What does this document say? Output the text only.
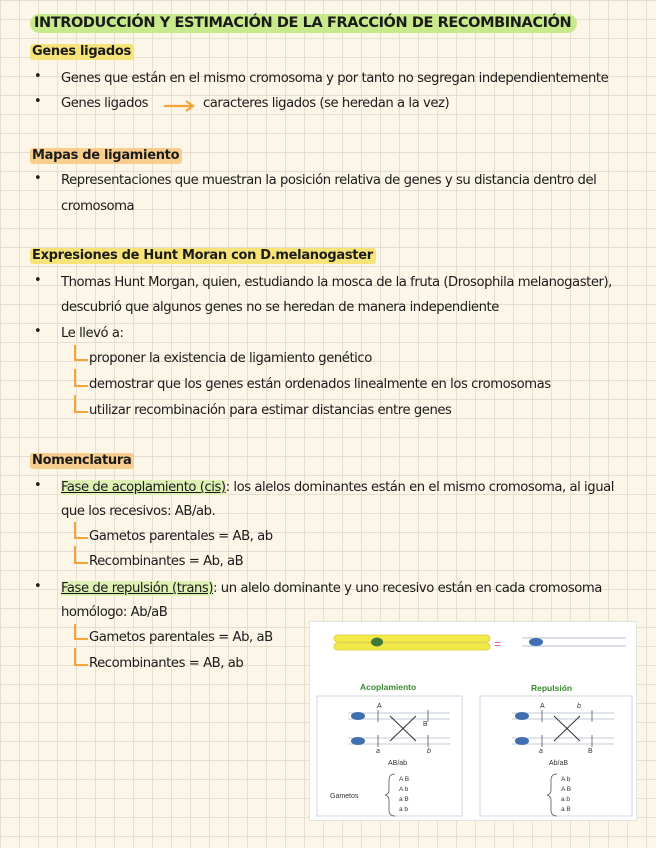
INTRODUCCIÓN Y ESTIMACIÓN DE LA FRACCIÓN DE RECOMBINACIÓN
Genes ligados
• Genes que están en el mismo cromosoma y por tanto no segregan independientemente
• Genes ligados	caracteres ligados (se heredan a la vez)
Mapas de ligamiento
• Representaciones que muestran la posición relativa de genes y su distancia dentro del
cromosoma
Expresiones de Hunt Moran con D.melanogaster
• Thomas Hunt Morgan, quien, estudiando la mosca de la fruta (Drosophila melanogaster),
descubrió que algunos genes no se heredan de manera independiente
• Le llevó a:
proponer la existencia de ligamiento genético
demostrar que los genes están ordenados linealmente en los cromosomas
utilizar recombinación para estimar distancias entre genes
Nomenclatura
• Fase de acoplamiento (cis): los alelos dominantes están en el mismo cromosoma, al igual
que los recesivos: AB/ab.
Gametos parentales = AB, ab
Recombinantes = Ab, aB
• Fase de repulsión (trans): un alelo dominante y uno recesivo están en cada cromosoma
homólogo: Ab/aB
Gametos parentales = Ab, aB
Recombinantes = AB, ab
=
Acoplamiento	Repulsión
A
B
a	b
AB/ab
A	b
a	B
Ab/aB
Gametos
A B
A b
a B
a b
A b
A B
a b
a B
